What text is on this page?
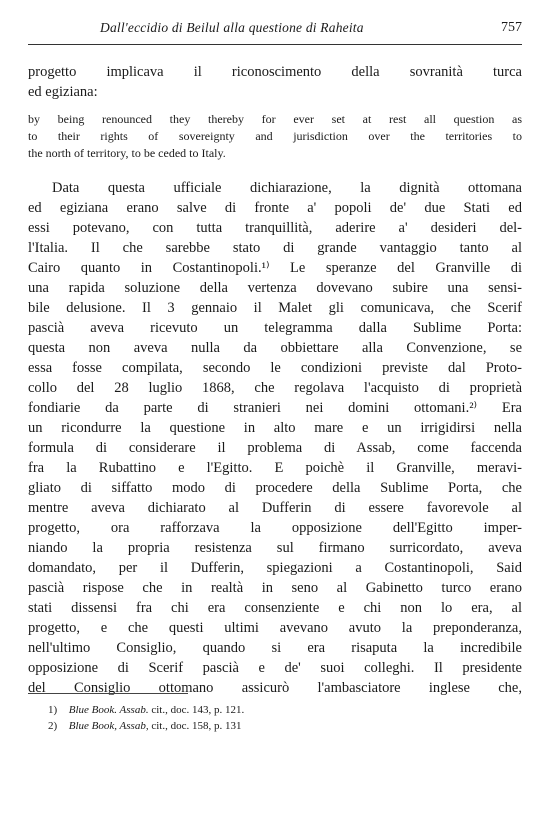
Dall'eccidio di Beilul alla questione di Raheita	757
progetto implicava il riconoscimento della sovranità turca
ed egiziana:
by being renounced they thereby for ever set at rest all question as
to their rights of sovereignty and jurisdiction over the territories to
the north of territory, to be ceded to Italy.
Data questa ufficiale dichiarazione, la dignità ottomana
ed egiziana erano salve di fronte a' popoli de' due Stati ed
essi potevano, con tutta tranquillità, aderire a' desideri del-
l'Italia. Il che sarebbe stato di grande vantaggio tanto al
Cairo quanto in Costantinopoli.¹⁾ Le speranze del Granville di
una rapida soluzione della vertenza dovevano subire una sensi-
bile delusione. Il 3 gennaio il Malet gli comunicava, che Scerif
pascià aveva ricevuto un telegramma dalla Sublime Porta:
questa non aveva nulla da obbiettare alla Convenzione, se
essa fosse compilata, secondo le condizioni previste dal Proto-
collo del 28 luglio 1868, che regolava l'acquisto di proprietà
fondiarie da parte di stranieri nei domini ottomani.²⁾ Era
un ricondurre la questione in alto mare e un irrigidirsi nella
formula di considerare il problema di Assab, come faccenda
fra la Rubattino e l'Egitto. E poichè il Granville, meravi-
gliato di siffatto modo di procedere della Sublime Porta, che
mentre aveva dichiarato al Dufferin di essere favorevole al
progetto, ora rafforzava la opposizione dell'Egitto imper-
niando la propria resistenza sul firmano surricordato, aveva
domandato, per il Dufferin, spiegazioni a Costantinopoli, Said
pascià rispose che in realtà in seno al Gabinetto turco erano
stati dissensi fra chi era consenziente e chi non lo era, al
progetto, e che questi ultimi avevano avuto la preponderanza,
nell'ultimo Consiglio, quando si era risaputa la incredibile
opposizione di Scerif pascià e de' suoi colleghi. Il presidente
del Consiglio ottomano assicurò l'ambasciatore inglese che,
1) Blue Book. Assab. cit., doc. 143, p. 121.
2) Blue Book, Assab, cit., doc. 158, p. 131
